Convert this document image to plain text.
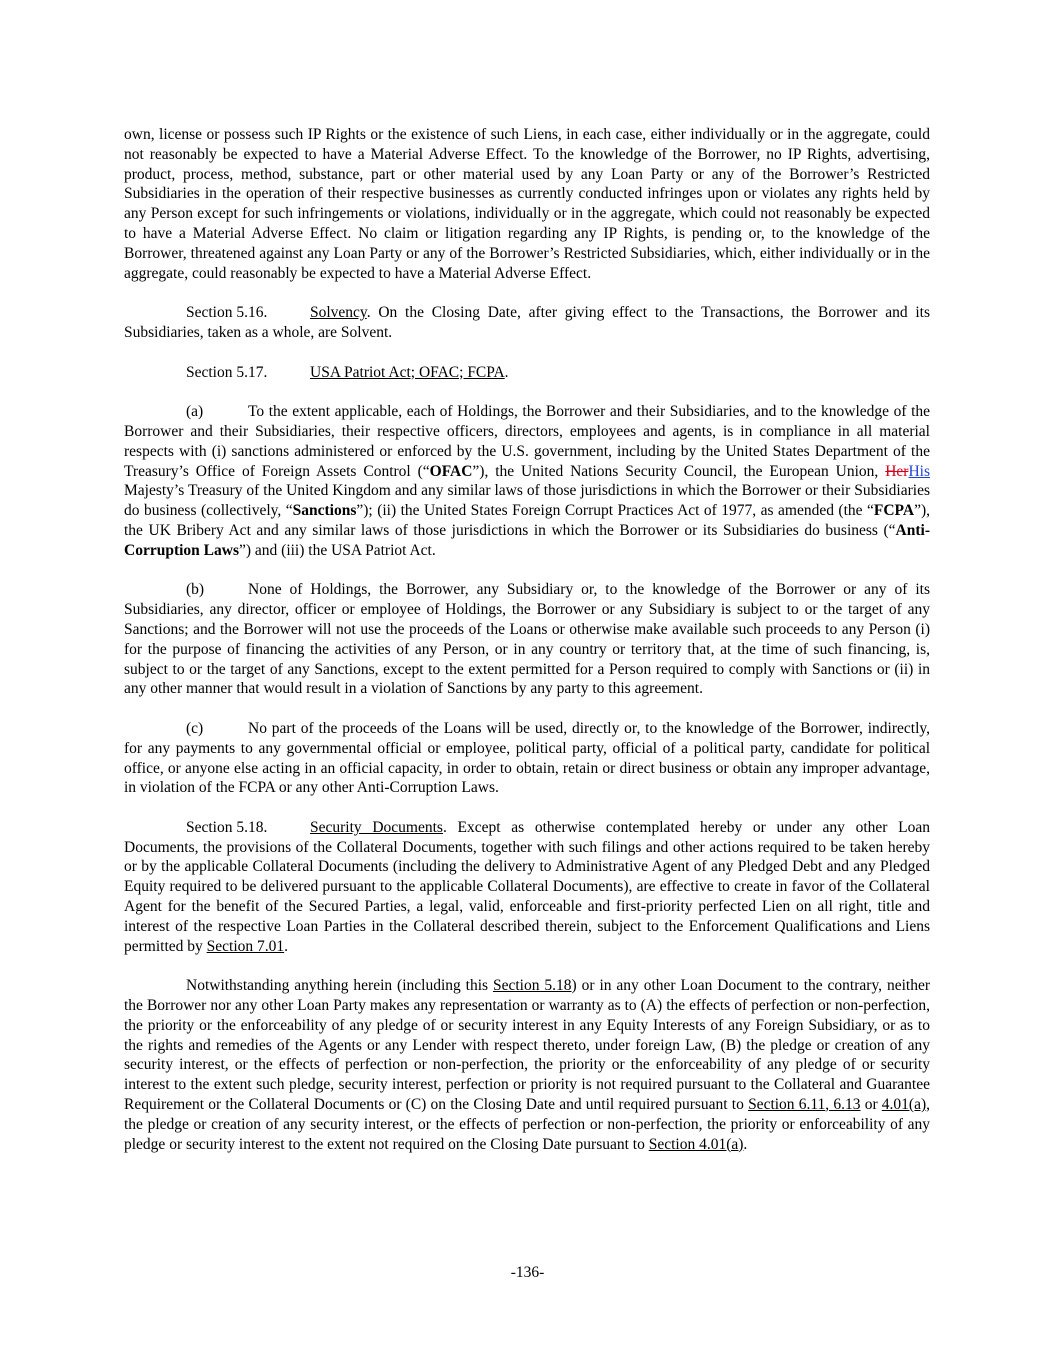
own, license or possess such IP Rights or the existence of such Liens, in each case, either individually or in the aggregate, could not reasonably be expected to have a Material Adverse Effect. To the knowledge of the Borrower, no IP Rights, advertising, product, process, method, substance, part or other material used by any Loan Party or any of the Borrower’s Restricted Subsidiaries in the operation of their respective businesses as currently conducted infringes upon or violates any rights held by any Person except for such infringements or violations, individually or in the aggregate, which could not reasonably be expected to have a Material Adverse Effect. No claim or litigation regarding any IP Rights, is pending or, to the knowledge of the Borrower, threatened against any Loan Party or any of the Borrower’s Restricted Subsidiaries, which, either individually or in the aggregate, could reasonably be expected to have a Material Adverse Effect.

Section 5.16.	Solvency. On the Closing Date, after giving effect to the Transactions, the Borrower and its Subsidiaries, taken as a whole, are Solvent.

Section 5.17.	USA Patriot Act; OFAC; FCPA.

(a)	To the extent applicable, each of Holdings, the Borrower and their Subsidiaries, and to the knowledge of the Borrower and their Subsidiaries, their respective officers, directors, employees and agents, is in compliance in all material respects with (i) sanctions administered or enforced by the U.S. government, including by the United States Department of the Treasury’s Office of Foreign Assets Control (“OFAC”), the United Nations Security Council, the European Union, HerHis Majesty’s Treasury of the United Kingdom and any similar laws of those jurisdictions in which the Borrower or their Subsidiaries do business (collectively, “Sanctions”); (ii) the United States Foreign Corrupt Practices Act of 1977, as amended (the “FCPA”), the UK Bribery Act and any similar laws of those jurisdictions in which the Borrower or its Subsidiaries do business (“Anti-Corruption Laws”) and (iii) the USA Patriot Act.

(b)	None of Holdings, the Borrower, any Subsidiary or, to the knowledge of the Borrower or any of its Subsidiaries, any director, officer or employee of Holdings, the Borrower or any Subsidiary is subject to or the target of any Sanctions; and the Borrower will not use the proceeds of the Loans or otherwise make available such proceeds to any Person (i) for the purpose of financing the activities of any Person, or in any country or territory that, at the time of such financing, is, subject to or the target of any Sanctions, except to the extent permitted for a Person required to comply with Sanctions or (ii) in any other manner that would result in a violation of Sanctions by any party to this agreement.

(c)	No part of the proceeds of the Loans will be used, directly or, to the knowledge of the Borrower, indirectly, for any payments to any governmental official or employee, political party, official of a political party, candidate for political office, or anyone else acting in an official capacity, in order to obtain, retain or direct business or obtain any improper advantage, in violation of the FCPA or any other Anti-Corruption Laws.

Section 5.18.	Security Documents. Except as otherwise contemplated hereby or under any other Loan Documents, the provisions of the Collateral Documents, together with such filings and other actions required to be taken hereby or by the applicable Collateral Documents (including the delivery to Administrative Agent of any Pledged Debt and any Pledged Equity required to be delivered pursuant to the applicable Collateral Documents), are effective to create in favor of the Collateral Agent for the benefit of the Secured Parties, a legal, valid, enforceable and first-priority perfected Lien on all right, title and interest of the respective Loan Parties in the Collateral described therein, subject to the Enforcement Qualifications and Liens permitted by Section 7.01.

Notwithstanding anything herein (including this Section 5.18) or in any other Loan Document to the contrary, neither the Borrower nor any other Loan Party makes any representation or warranty as to (A) the effects of perfection or non-perfection, the priority or the enforceability of any pledge of or security interest in any Equity Interests of any Foreign Subsidiary, or as to the rights and remedies of the Agents or any Lender with respect thereto, under foreign Law, (B) the pledge or creation of any security interest, or the effects of perfection or non-perfection, the priority or the enforceability of any pledge of or security interest to the extent such pledge, security interest, perfection or priority is not required pursuant to the Collateral and Guarantee Requirement or the Collateral Documents or (C) on the Closing Date and until required pursuant to Section 6.11, 6.13 or 4.01(a), the pledge or creation of any security interest, or the effects of perfection or non-perfection, the priority or enforceability of any pledge or security interest to the extent not required on the Closing Date pursuant to Section 4.01(a).

-136-
